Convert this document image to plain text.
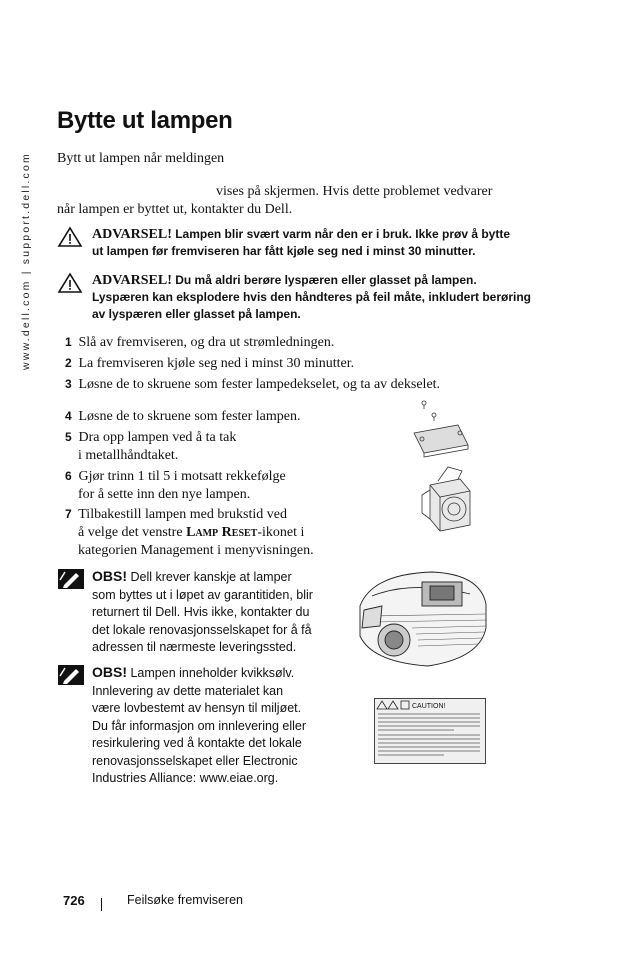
www.dell.com | support.dell.com
Bytte ut lampen
Bytt ut lampen når meldingen
vises på skjermen. Hvis dette problemet vedvarer
når lampen er byttet ut, kontakter du Dell.
ADVARSEL! Lampen blir svært varm når den er i bruk. Ikke prøv å bytte
ut lampen før fremviseren har fått kjøle seg ned i minst 30 minutter.
ADVARSEL! Du må aldri berøre lyspæren eller glasset på lampen.
Lyspæren kan eksplodere hvis den håndteres på feil måte, inkludert berøring
av lyspæren eller glasset på lampen.
1 Slå av fremviseren, og dra ut strømledningen.
2 La fremviseren kjøle seg ned i minst 30 minutter.
3 Løsne de to skruene som fester lampedekselet, og ta av dekselet.
4 Løsne de to skruene som fester lampen.
5 Dra opp lampen ved å ta tak
i metallhåndtaket.
6 Gjør trinn 1 til 5 i motsatt rekkefølge
for å sette inn den nye lampen.
7 Tilbakestill lampen med brukstid ved
å velge det venstre Lamp Reset-ikonet i
kategorien Management i menyvisningen.
OBS! Dell krever kanskje at lamper
som byttes ut i løpet av garantitiden, blir
returnert til Dell. Hvis ikke, kontakter du
det lokale renovasjonsselskapet for å få
adressen til nærmeste leveringssted.
OBS! Lampen inneholder kvikksølv.
Innlevering av dette materialet kan
være lovbestemt av hensyn til miljøet.
Du får informasjon om innlevering eller
resirkulering ved å kontakte det lokale
renovasjonsselskapet eller Electronic
Industries Alliance: www.eiae.org.
CAUTION!
726	Feilsøke fremviseren
